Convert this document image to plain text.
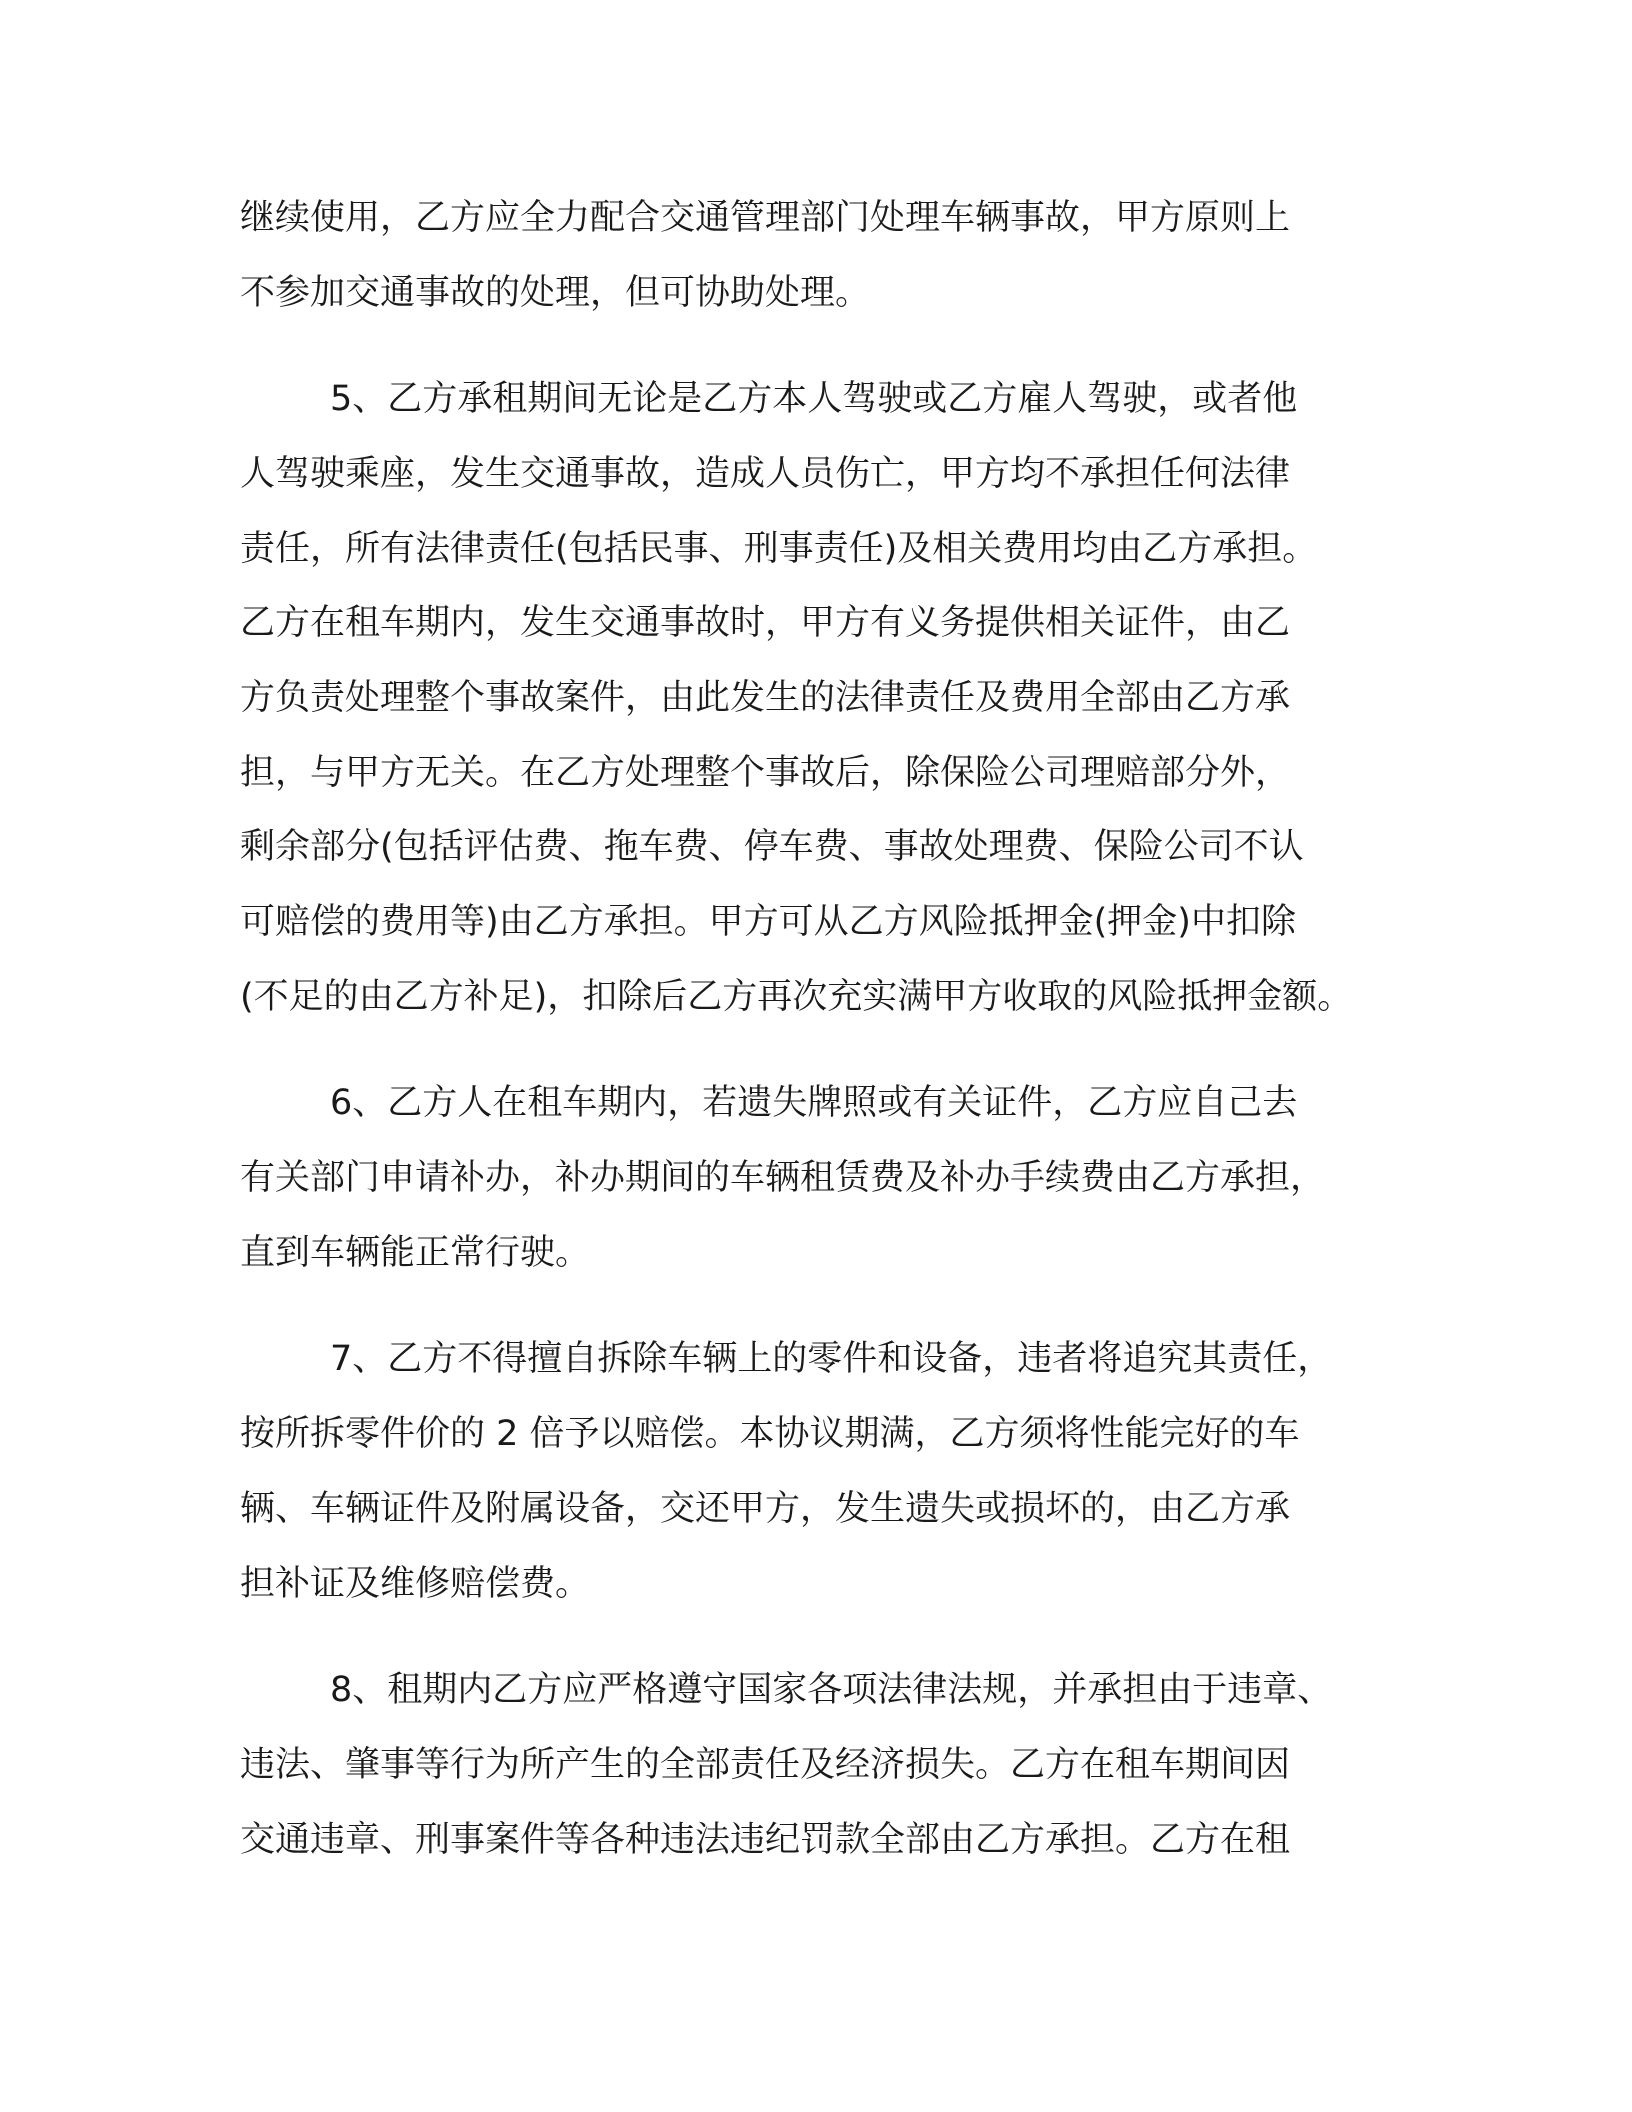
继续使用，乙方应全力配合交通管理部门处理车辆事故，甲方原则上

不参加交通事故的处理，但可协助处理。

5、乙方承租期间无论是乙方本人驾驶或乙方雇人驾驶，或者他

人驾驶乘座，发生交通事故，造成人员伤亡，甲方均不承担任何法律

责任，所有法律责任(包括民事、刑事责任)及相关费用均由乙方承担。

乙方在租车期内，发生交通事故时，甲方有义务提供相关证件，由乙

方负责处理整个事故案件，由此发生的法律责任及费用全部由乙方承

担，与甲方无关。在乙方处理整个事故后，除保险公司理赔部分外，

剩余部分(包括评估费、拖车费、停车费、事故处理费、保险公司不认

可赔偿的费用等)由乙方承担。甲方可从乙方风险抵押金(押金)中扣除

(不足的由乙方补足)，扣除后乙方再次充实满甲方收取的风险抵押金额。

6、乙方人在租车期内，若遗失牌照或有关证件，乙方应自己去

有关部门申请补办，补办期间的车辆租赁费及补办手续费由乙方承担，

直到车辆能正常行驶。

7、乙方不得擅自拆除车辆上的零件和设备，违者将追究其责任，

按所拆零件价的 2 倍予以赔偿。本协议期满，乙方须将性能完好的车

辆、车辆证件及附属设备，交还甲方，发生遗失或损坏的，由乙方承

担补证及维修赔偿费。

8、租期内乙方应严格遵守国家各项法律法规，并承担由于违章、

违法、肇事等行为所产生的全部责任及经济损失。乙方在租车期间因

交通违章、刑事案件等各种违法违纪罚款全部由乙方承担。乙方在租
